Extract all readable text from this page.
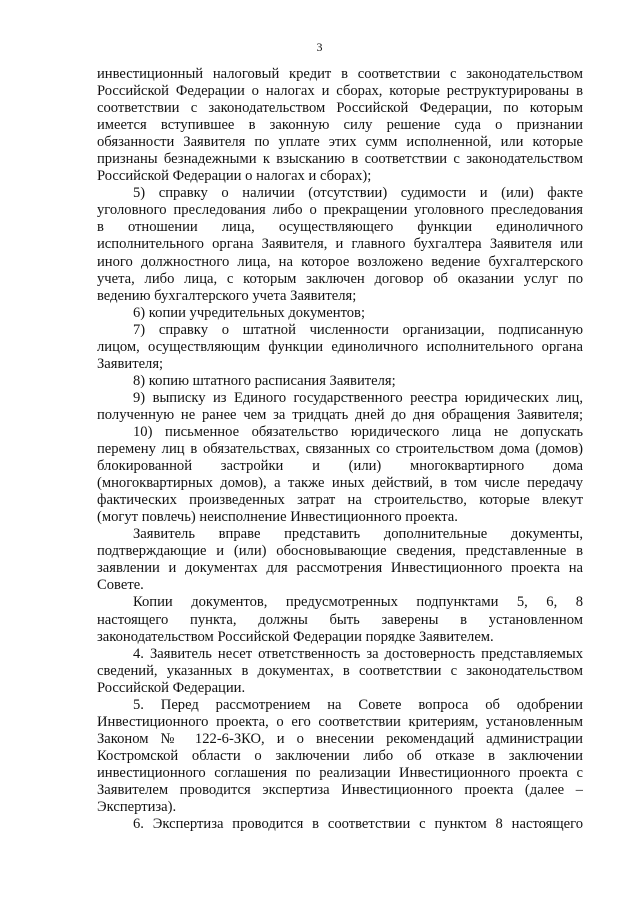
3
инвестиционный налоговый кредит в соответствии с законодательством
Российской Федерации о налогах и сборах, которые реструктурированы в
соответствии с законодательством Российской Федерации, по которым
имеется вступившее в законную силу решение суда о признании
обязанности Заявителя по уплате этих сумм исполненной, или которые
признаны безнадежными к взысканию в соответствии с законодательством
Российской Федерации о налогах и сборах);
5) справку о наличии (отсутствии) судимости и (или) факте
уголовного преследования либо о прекращении уголовного преследования
в отношении лица, осуществляющего функции единоличного
исполнительного органа Заявителя, и главного бухгалтера Заявителя или
иного должностного лица, на которое возложено ведение бухгалтерского
учета, либо лица, с которым заключен договор об оказании услуг по
ведению бухгалтерского учета Заявителя;
6) копии учредительных документов;
7) справку о штатной численности организации, подписанную
лицом, осуществляющим функции единоличного исполнительного органа
Заявителя;
8) копию штатного расписания Заявителя;
9) выписку из Единого государственного реестра юридических лиц,
полученную не ранее чем за тридцать дней до дня обращения Заявителя;
10) письменное обязательство юридического лица не допускать
перемену лиц в обязательствах, связанных со строительством дома (домов)
блокированной застройки и (или) многоквартирного дома
(многоквартирных домов), а также иных действий, в том числе передачу
фактических произведенных затрат на строительство, которые влекут
(могут повлечь) неисполнение Инвестиционного проекта.
Заявитель вправе представить дополнительные документы,
подтверждающие и (или) обосновывающие сведения, представленные в
заявлении и документах для рассмотрения Инвестиционного проекта на
Совете.
Копии документов, предусмотренных подпунктами 5, 6, 8
настоящего пункта, должны быть заверены в установленном
законодательством Российской Федерации порядке Заявителем.
4. Заявитель несет ответственность за достоверность представляемых
сведений, указанных в документах, в соответствии с законодательством
Российской Федерации.
5. Перед рассмотрением на Совете вопроса об одобрении
Инвестиционного проекта, о его соответствии критериям, установленным
Законом № 122-6-ЗКО, и о внесении рекомендаций администрации
Костромской области о заключении либо об отказе в заключении
инвестиционного соглашения по реализации Инвестиционного проекта с
Заявителем проводится экспертиза Инвестиционного проекта (далее –
Экспертиза).
6. Экспертиза проводится в соответствии с пунктом 8 настоящего
